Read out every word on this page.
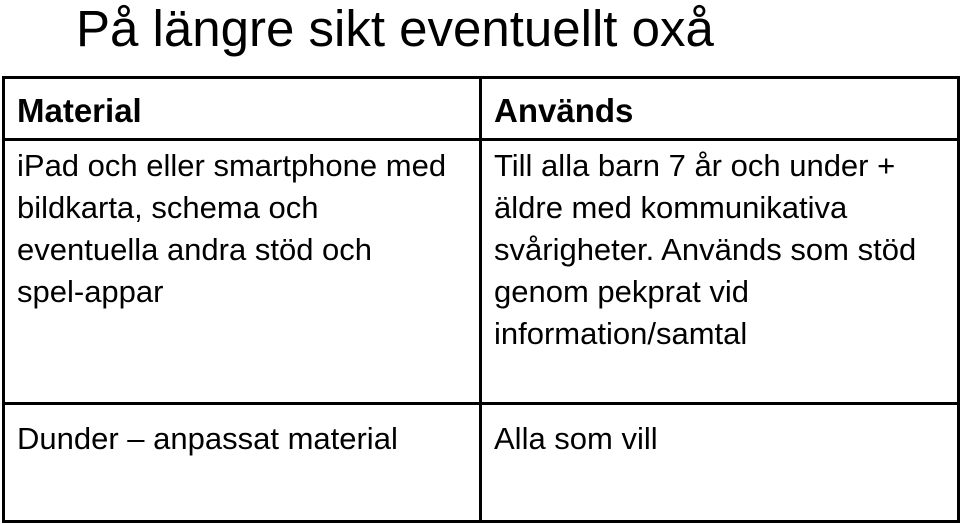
På längre sikt eventuellt oxå
Material	Används

iPad och eller smartphone med bildkarta, schema och eventuella andra stöd och spel-appar	Till alla barn 7 år och under + äldre med kommunikativa svårigheter. Används som stöd genom pekprat vid information/samtal

Dunder – anpassat material	Alla som vill
